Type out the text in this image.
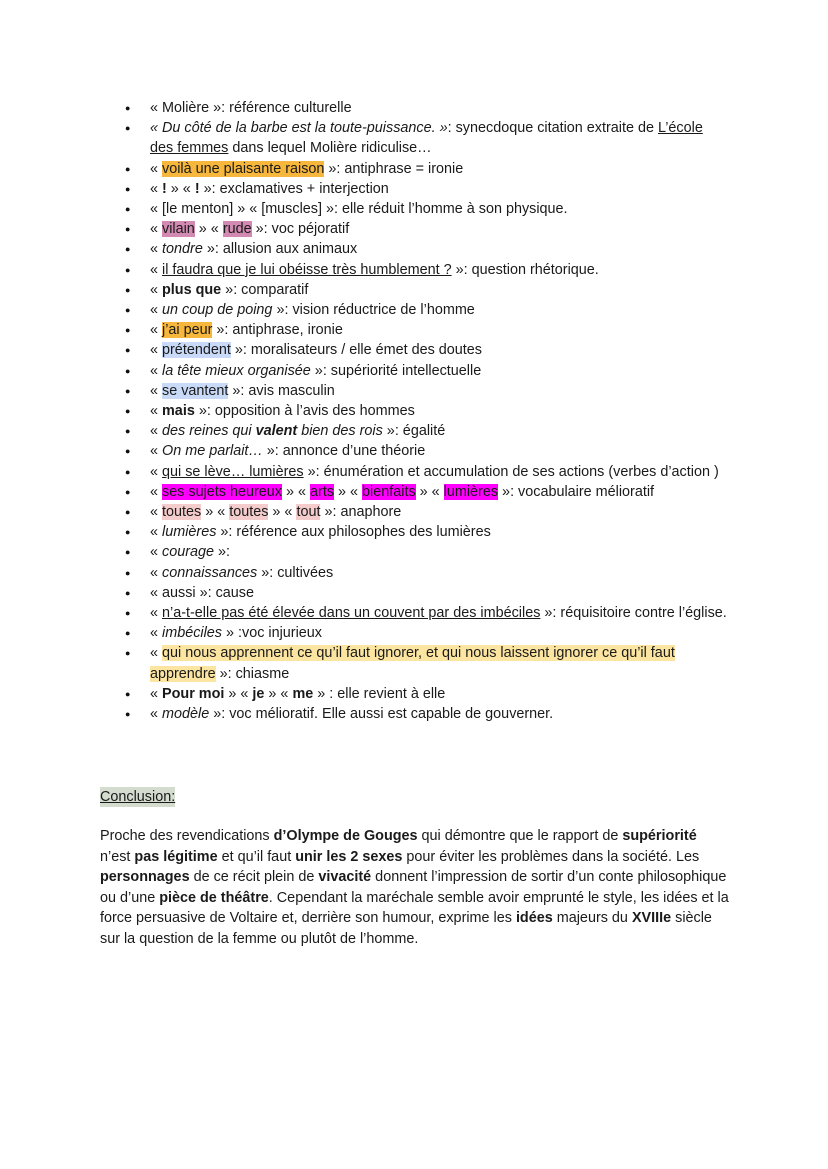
● « Molière »: référence culturelle
● « Du côté de la barbe est la toute-puissance. »: synecdoque citation extraite de L’école des femmes dans lequel Molière ridiculise…
● « voilà une plaisante raison »: antiphrase = ironie
● « ! » « ! »: exclamatives + interjection
● « [le menton] » « [muscles] »: elle réduit l’homme à son physique.
● « vilain » « rude »: voc péjoratif
● « tondre »: allusion aux animaux
● « il faudra que je lui obéisse très humblement ? »: question rhétorique.
● « plus que »: comparatif
● « un coup de poing »: vision réductrice de l’homme
● « j’ai peur »: antiphrase, ironie
● « prétendent »: moralisateurs / elle émet des doutes
● « la tête mieux organisée »: supériorité intellectuelle
● « se vantent »: avis masculin
● « mais »: opposition à l’avis des hommes
● « des reines qui valent bien des rois »: égalité
● « On me parlait… »: annonce d’une théorie
● « qui se lève… lumières »: énumération et accumulation de ses actions (verbes d’action )
● « ses sujets heureux » « arts » « bienfaits » « lumières »: vocabulaire mélioratif
● « toutes » « toutes » « tout »: anaphore
● « lumières »: référence aux philosophes des lumières
● « courage »:
● « connaissances »: cultivées
● « aussi »: cause
● « n’a-t-elle pas été élevée dans un couvent par des imbéciles »: réquisitoire contre l’église.
● « imbéciles » :voc injurieux
● « qui nous apprennent ce qu’il faut ignorer, et qui nous laissent ignorer ce qu’il faut apprendre »: chiasme
● « Pour moi » « je » « me » : elle revient à elle
● « modèle »: voc mélioratif. Elle aussi est capable de gouverner.
Conclusion:

Proche des revendications d’Olympe de Gouges qui démontre que le rapport de supériorité n’est pas légitime et qu’il faut unir les 2 sexes pour éviter les problèmes dans la société. Les personnages de ce récit plein de vivacité donnent l’impression de sortir d’un conte philosophique ou d’une pièce de théâtre. Cependant la maréchale semble avoir emprunté le style, les idées et la force persuasive de Voltaire et, derrière son humour, exprime les idées majeurs du XVIIIe siècle sur la question de la femme ou plutôt de l’homme.
